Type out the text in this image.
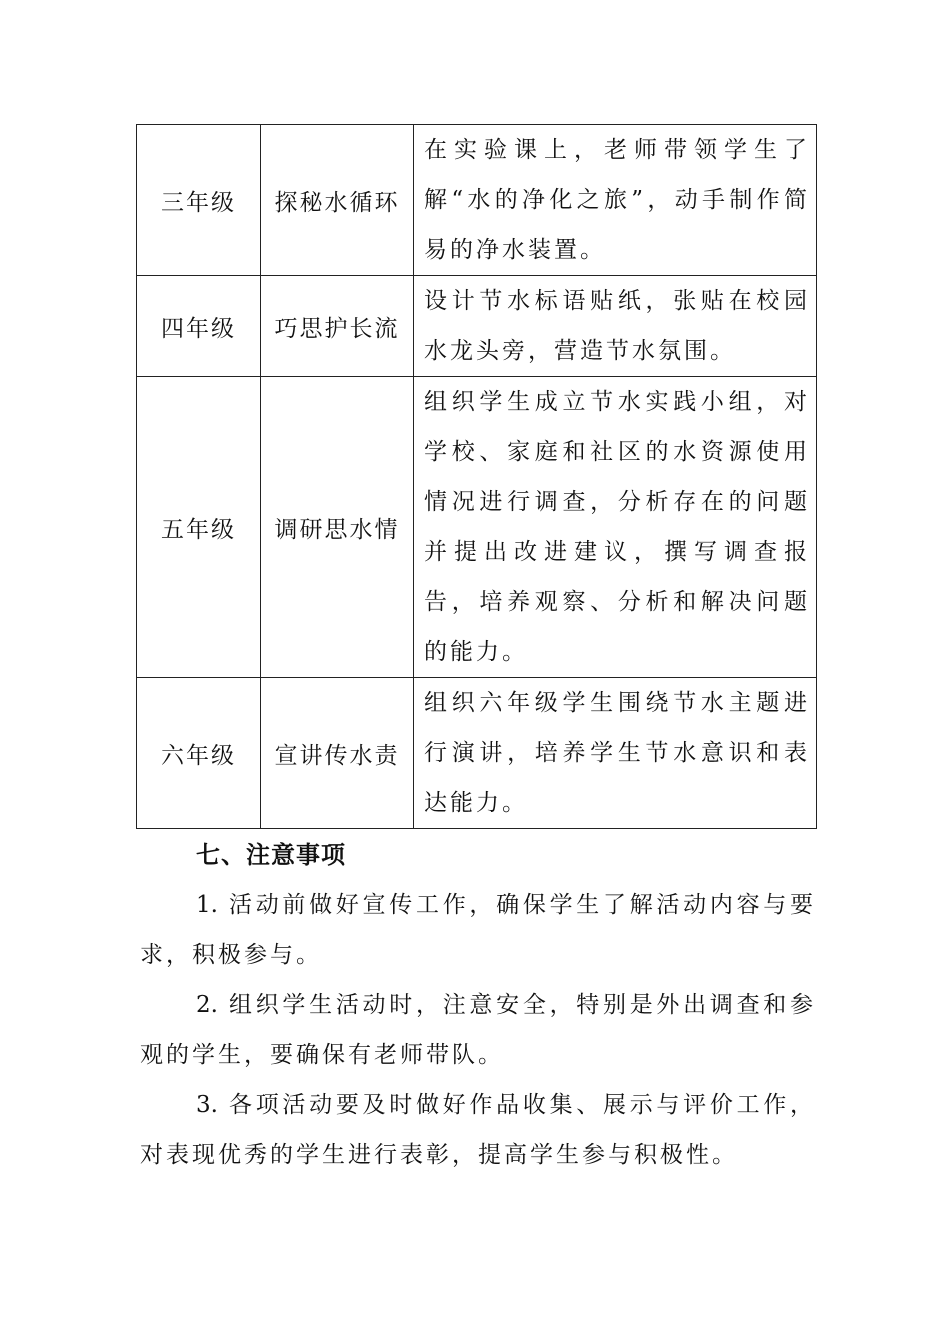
三年级	探秘水循环	在实验课上，老师带领学生了解“水的净化之旅”，动手制作简易的净水装置。
四年级	巧思护长流	设计节水标语贴纸，张贴在校园水龙头旁，营造节水氛围。
五年级	调研思水情	组织学生成立节水实践小组，对学校、家庭和社区的水资源使用情况进行调查，分析存在的问题并提出改进建议，撰写调查报告，培养观察、分析和解决问题的能力。
六年级	宣讲传水责	组织六年级学生围绕节水主题进行演讲，培养学生节水意识和表达能力。
七、注意事项

1. 活动前做好宣传工作，确保学生了解活动内容与要求，积极参与。

2. 组织学生活动时，注意安全，特别是外出调查和参观的学生，要确保有老师带队。

3. 各项活动要及时做好作品收集、展示与评价工作，对表现优秀的学生进行表彰，提高学生参与积极性。
